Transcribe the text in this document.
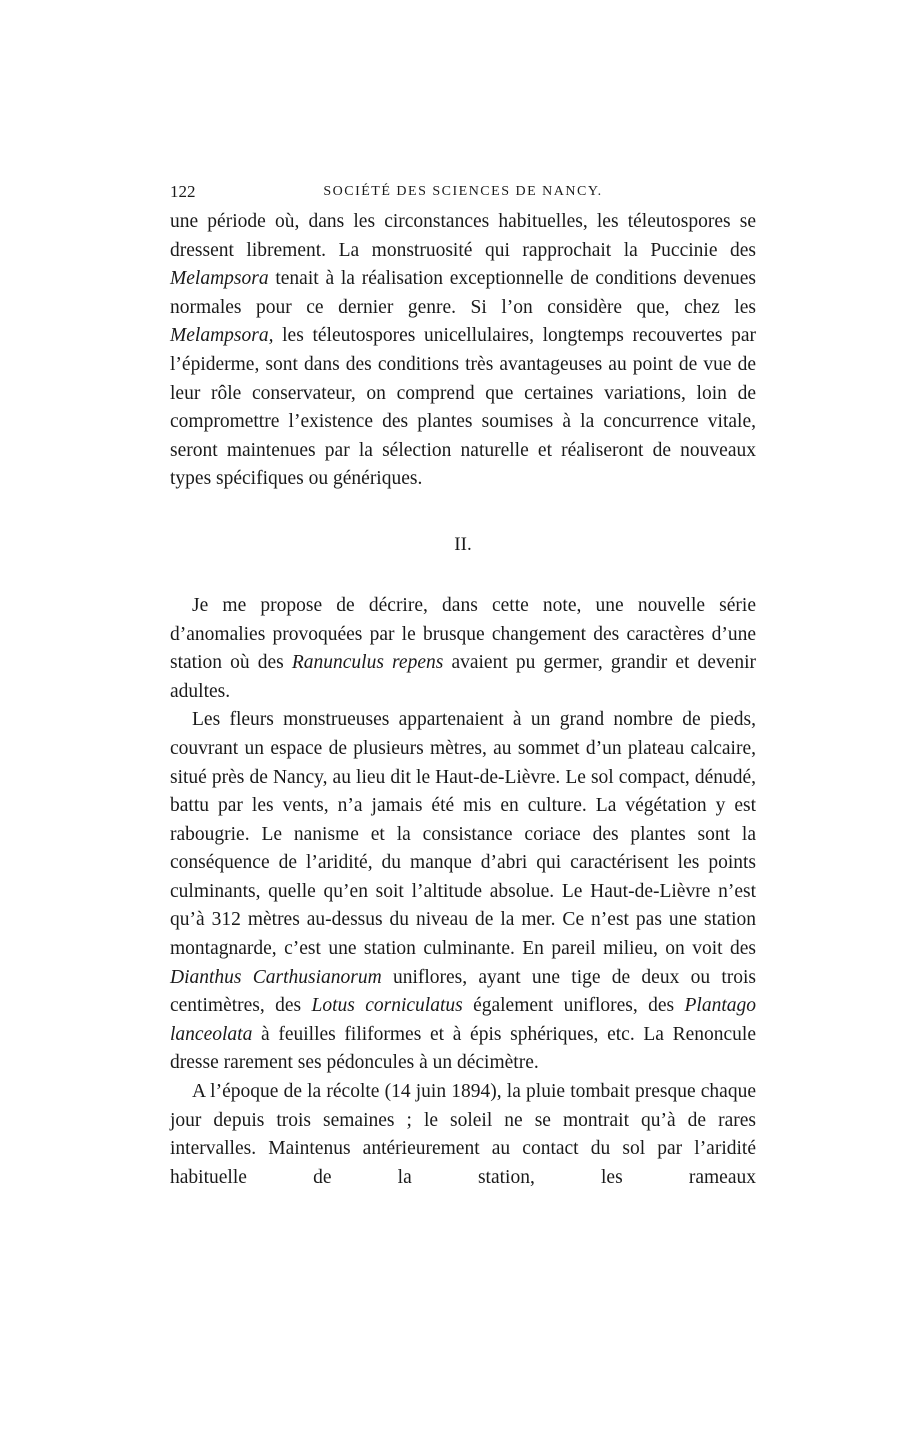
122	SOCIÉTÉ DES SCIENCES DE NANCY.

une période où, dans les circonstances habituelles, les téleutospores se dressent librement. La monstruosité qui rapprochait la Puccinie des Melampsora tenait à la réalisation exceptionnelle de conditions devenues normales pour ce dernier genre. Si l’on considère que, chez les Melampsora, les téleutospores unicellulaires, longtemps recouvertes par l’épiderme, sont dans des conditions très avantageuses au point de vue de leur rôle conservateur, on comprend que certaines variations, loin de compromettre l’existence des plantes soumises à la concurrence vitale, seront maintenues par la sélection naturelle et réaliseront de nouveaux types spécifiques ou génériques.

II.

Je me propose de décrire, dans cette note, une nouvelle série d’anomalies provoquées par le brusque changement des caractères d’une station où des Ranunculus repens avaient pu germer, grandir et devenir adultes.

Les fleurs monstrueuses appartenaient à un grand nombre de pieds, couvrant un espace de plusieurs mètres, au sommet d’un plateau calcaire, situé près de Nancy, au lieu dit le Haut-de-Lièvre. Le sol compact, dénudé, battu par les vents, n’a jamais été mis en culture. La végétation y est rabougrie. Le nanisme et la consistance coriace des plantes sont la conséquence de l’aridité, du manque d’abri qui caractérisent les points culminants, quelle qu’en soit l’altitude absolue. Le Haut-de-Lièvre n’est qu’à 312 mètres au-dessus du niveau de la mer. Ce n’est pas une station montagnarde, c’est une station culminante. En pareil milieu, on voit des Dianthus Carthusianorum uniflores, ayant une tige de deux ou trois centimètres, des Lotus corniculatus également uniflores, des Plantago lanceolata à feuilles filiformes et à épis sphériques, etc. La Renoncule dresse rarement ses pédoncules à un décimètre.

A l’époque de la récolte (14 juin 1894), la pluie tombait presque chaque jour depuis trois semaines ; le soleil ne se montrait qu’à de rares intervalles. Maintenus antérieurement au contact du sol par l’aridité habituelle de la station, les rameaux
